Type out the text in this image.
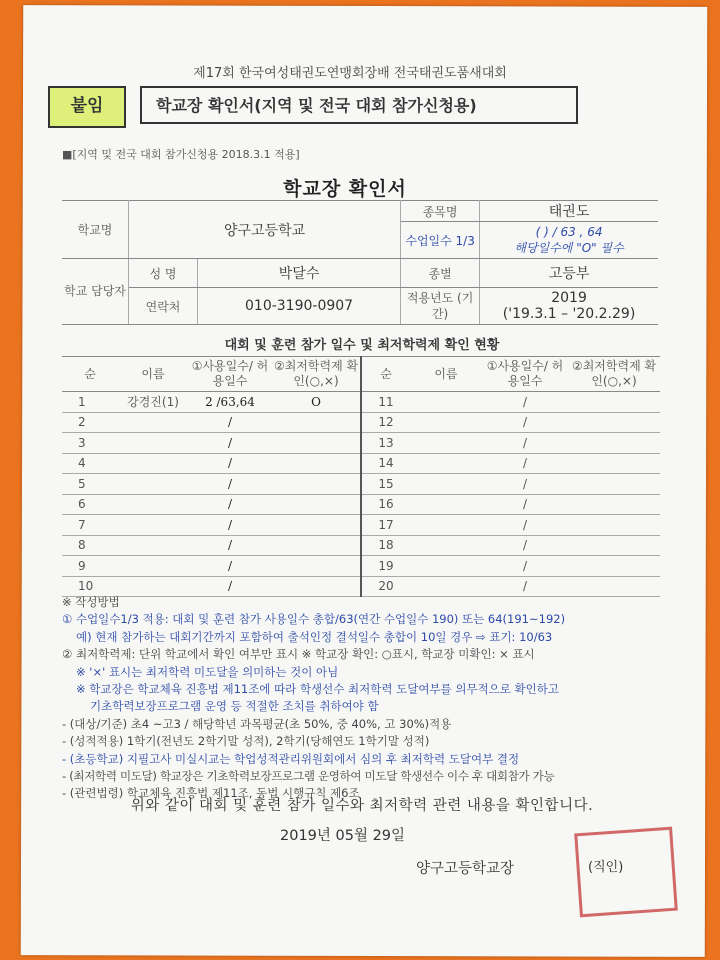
제17회 한국여성태권도연맹회장배 전국태권도품새대회
붙임	학교장 확인서(지역 및 전국 대회 참가신청용)
■[지역 및 전국 대회 참가신청용 2018.3.1 적용]
학교장 확인서
학교명	양구고등학교		종목명	태권도
			수업일수 1/3	( ) / 63 , 64
해당일수에 "O" 필수

학교 담당자	성 명	박달수	종별	고등부
	연락처	010-3190-0907	적용년도 (기간)	2019
('19.3.1 – '20.2.29)
대회 및 훈련 참가 일수 및 최저학력제 확인 현황
순	이름	①사용일수/ 허용일수	②최저학력제 확인(○,×)	순	이름	①사용일수/ 허용일수	②최저학력제 확인(○,×)
1	강경진(1)	2 /63,64	O	11		/	
2		/		12		/	
3		/		13		/	
4		/		14		/	
5		/		15		/	
6		/		16		/	
7		/		17		/	
8		/		18		/	
9		/		19		/	
10		/		20		/	
※ 작성방법
① 수업일수1/3 적용: 대회 및 훈련 참가 사용일수 총합/63(연간 수업일수 190) 또는 64(191~192)
예) 현재 참가하는 대회기간까지 포함하여 출석인정 결석일수 총합이 10일 경우 ⇨ 표기: 10/63
② 최저학력제: 단위 학교에서 확인 여부만 표시 ※ 학교장 확인: ○표시, 학교장 미확인: × 표시
※ '×' 표시는 최저학력 미도달을 의미하는 것이 아님
※ 학교장은 학교체육 진흥법 제11조에 따라 학생선수 최저학력 도달여부를 의무적으로 확인하고
기초학력보장프로그램 운영 등 적절한 조치를 취하여야 함
- (대상/기준) 초4 ~고3 / 해당학년 과목평균(초 50%, 중 40%, 고 30%)적용
- (성적적용) 1학기(전년도 2학기말 성적), 2학기(당해연도 1학기말 성적)
- (초등학교) 지필고사 미실시교는 학업성적관리위원회에서 심의 후 최저학력 도달여부 결정
- (최저학력 미도달) 학교장은 기초학력보장프로그램 운영하여 미도달 학생선수 이수 후 대회참가 가능
- (관련법령) 학교체육 진흥법 제11조, 동법 시행규칙 제6조
위와 같이 대회 및 훈련 참가 일수와 최저학력 관련 내용을 확인합니다.
2019년 05월 29일
양구고등학교장	(직인)
